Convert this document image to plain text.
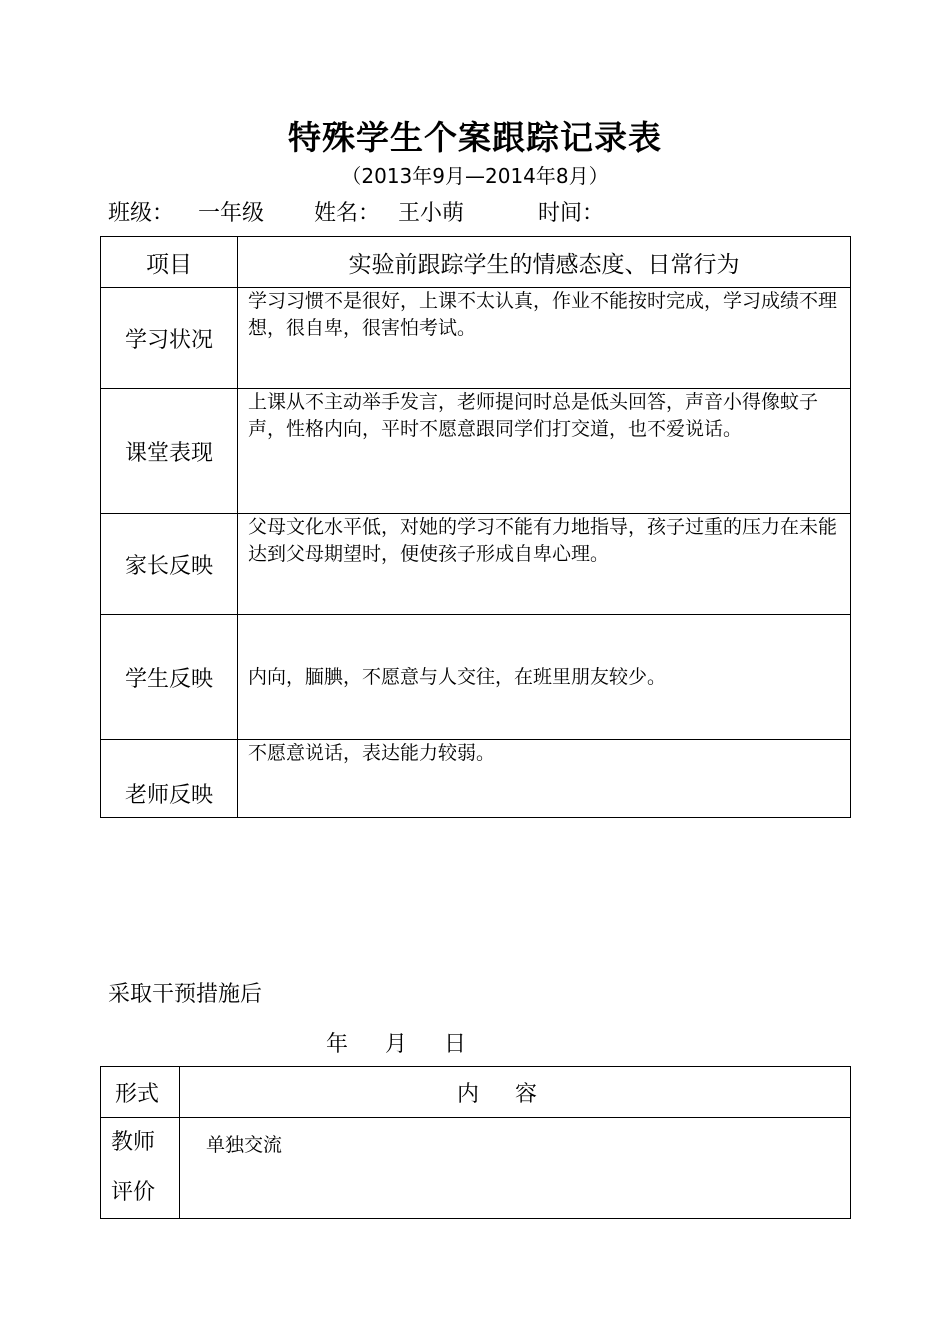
特殊学生个案跟踪记录表
（2013年9月—2014年8月）
班级： 一年级 姓名： 王小萌	时间：
项目	实验前跟踪学生的情感态度、日常行为
学习状况	学习习惯不是很好，上课不太认真，作业不能按时完成，学习成绩不理想，很自卑，很害怕考试。
课堂表现	上课从不主动举手发言，老师提问时总是低头回答，声音小得像蚊子声，性格内向，平时不愿意跟同学们打交道，也不爱说话。
家长反映	父母文化水平低，对她的学习不能有力地指导，孩子过重的压力在未能达到父母期望时，便使孩子形成自卑心理。
学生反映	内向，腼腆，不愿意与人交往，在班里朋友较少。
老师反映	不愿意说话，表达能力较弱。
采取干预措施后
年 月 日
形式	内容

教师
评价	单独交流
